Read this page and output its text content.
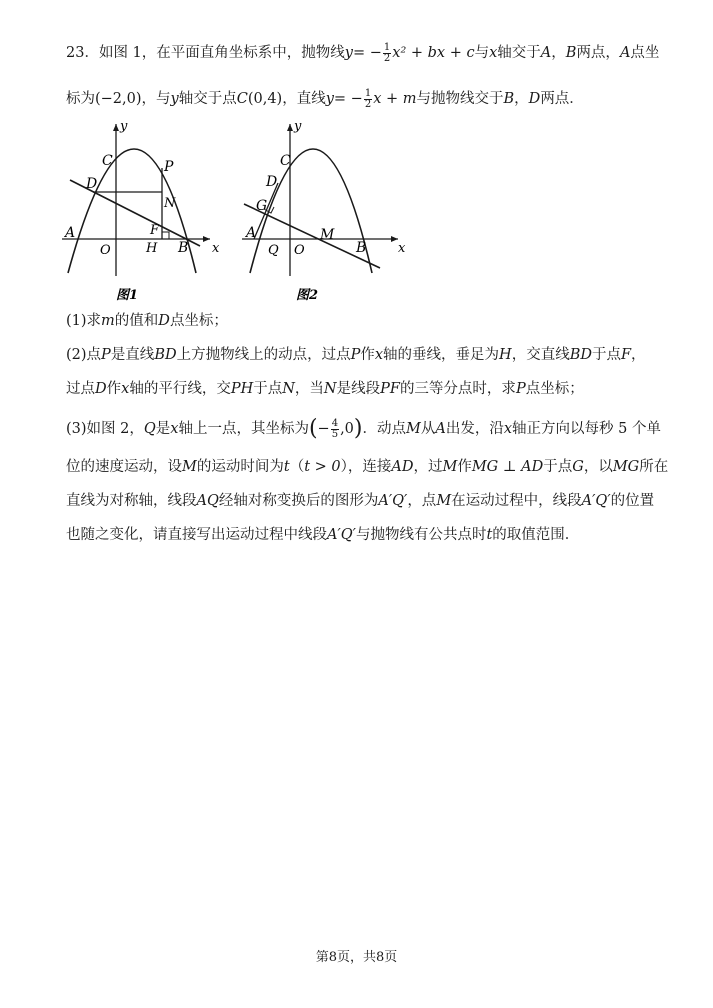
23．如图 1，在平面直角坐标系中，抛物线$y= - \frac{1}{2} x^2$ + bx + c与x轴交于A，B两点，A点坐
标为(−2,0)，与y轴交于点C(0,4)，直线$y= - \frac{1}{2}$ x + m与抛物线交于B，D两点．
y
x
C	P
D
N
A
O
F
H B
图1
y
x
C
D
G
A
Q O
M
B
图2
(1)求m的值和D点坐标；
(2)点P是直线BD上方抛物线上的动点，过点P作x轴的垂线，垂足为H，交直线BD于点F，
过点D作x轴的平行线，交PH于点N，当N是线段PF的三等分点时，求P点坐标；
(3)如图 2，Q是x轴上一点，其坐标为(− $\frac{4}{5} ,0$)．动点M从A出发，沿x轴正方向以每秒 5 个单
位的速度运动，设M的运动时间为t（t > 0），连接AD，过M作MG ⊥ AD于点G，以MG所在
直线为对称轴，线段AQ经轴对称变换后的图形为A′Q′，点M在运动过程中，线段A′Q′的位置
也随之变化，请直接写出运动过程中线段A′Q′与抛物线有公共点时t的取值范围．
第8页，共8页
